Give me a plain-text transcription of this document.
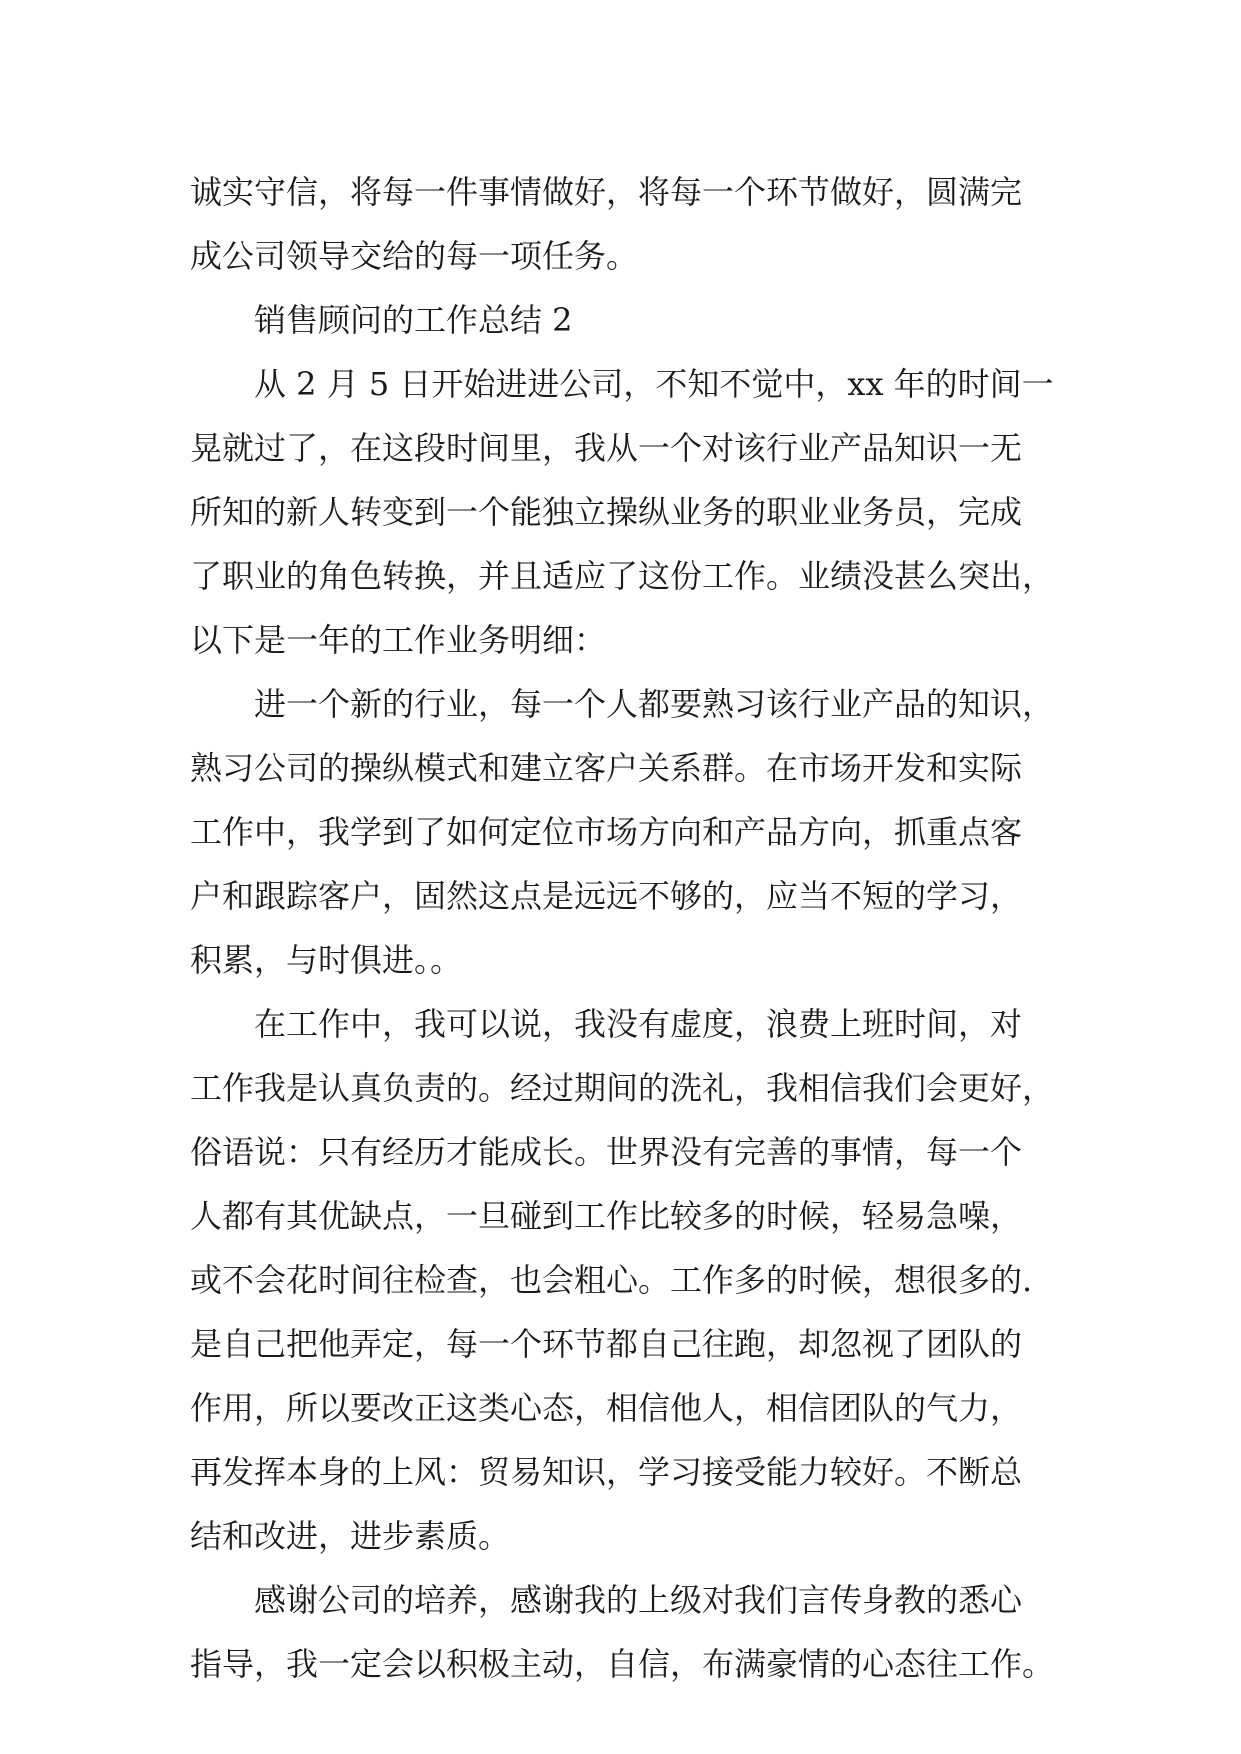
诚实守信，将每一件事情做好，将每一个环节做好，圆满完
成公司领导交给的每一项任务。
销售顾问的工作总结 2
从 2 月 5 日开始进进公司，不知不觉中，xx 年的时间一
晃就过了，在这段时间里，我从一个对该行业产品知识一无
所知的新人转变到一个能独立操纵业务的职业业务员，完成
了职业的角色转换，并且适应了这份工作。业绩没甚么突出，
以下是一年的工作业务明细：
进一个新的行业，每一个人都要熟习该行业产品的知识，
熟习公司的操纵模式和建立客户关系群。在市场开发和实际
工作中，我学到了如何定位市场方向和产品方向，抓重点客
户和跟踪客户，固然这点是远远不够的，应当不短的学习，
积累，与时俱进。。
在工作中，我可以说，我没有虚度，浪费上班时间，对
工作我是认真负责的。经过期间的洗礼，我相信我们会更好，
俗语说：只有经历才能成长。世界没有完善的事情，每一个
人都有其优缺点，一旦碰到工作比较多的时候，轻易急噪，
或不会花时间往检查，也会粗心。工作多的时候，想很多的.
是自己把他弄定，每一个环节都自己往跑，却忽视了团队的
作用，所以要改正这类心态，相信他人，相信团队的气力，
再发挥本身的上风：贸易知识，学习接受能力较好。不断总
结和改进，进步素质。
感谢公司的培养，感谢我的上级对我们言传身教的悉心
指导，我一定会以积极主动，自信，布满豪情的心态往工作。
